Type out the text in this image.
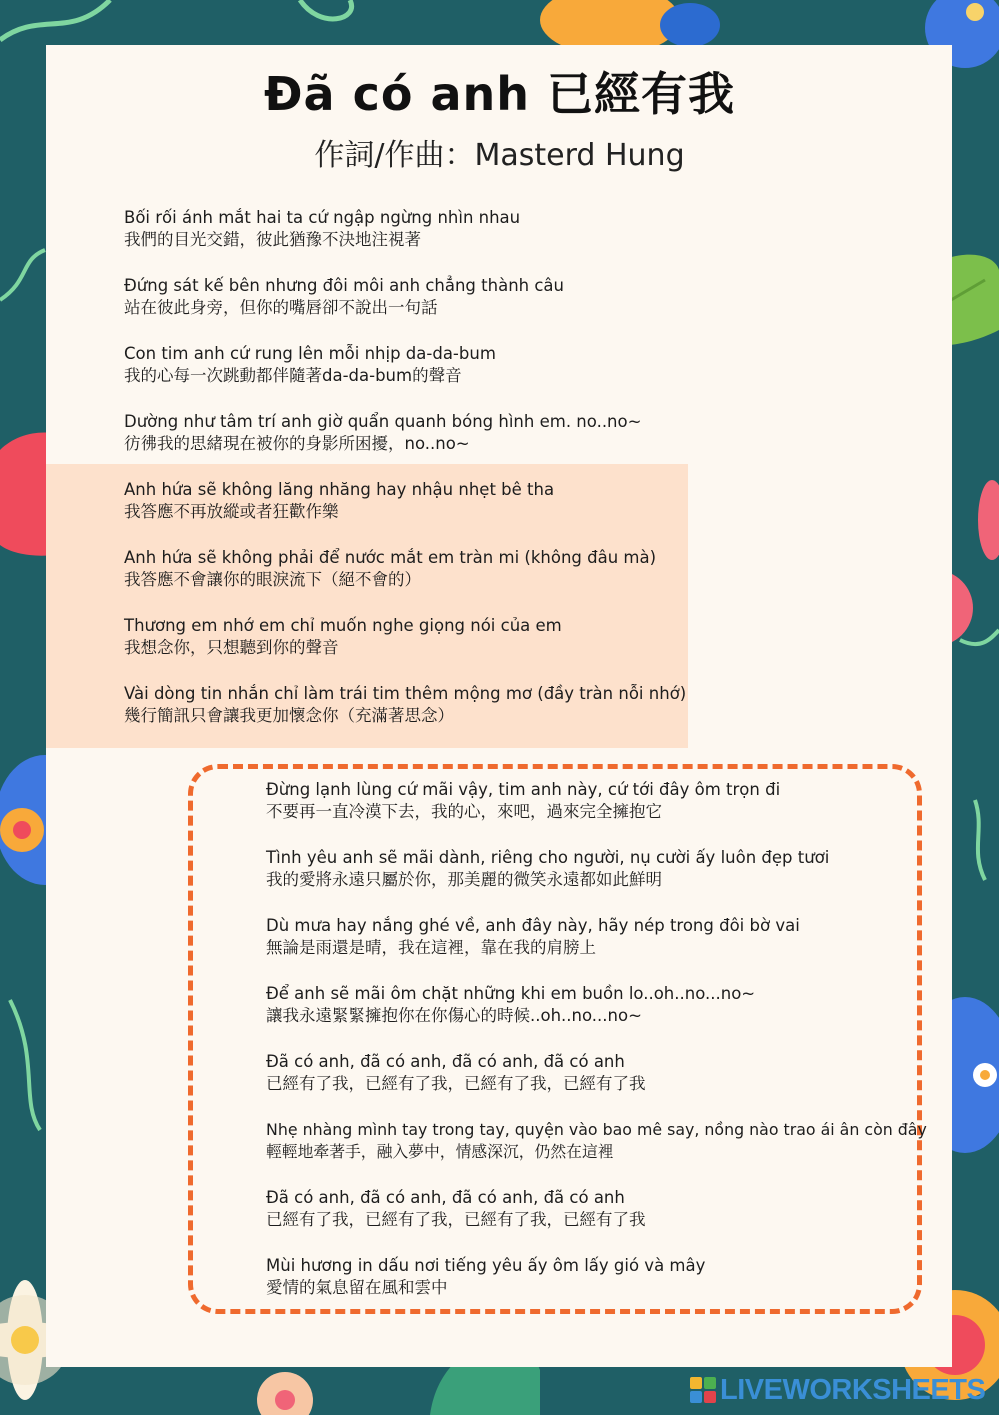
Đã có anh 已經有我
作詞/作曲：Masterd Hung
Bối rối ánh mắt hai ta cứ ngập ngừng nhìn nhau
我們的目光交錯，彼此猶豫不決地注視著
Đứng sát kế bên nhưng đôi môi anh chẳng thành câu
站在彼此身旁，但你的嘴唇卻不說出一句話
Con tim anh cứ rung lên mỗi nhịp da-da-bum
我的心每一次跳動都伴隨著da-da-bum的聲音
Dường như tâm trí anh giờ quẩn quanh bóng hình em. no..no~
彷彿我的思緒現在被你的身影所困擾，no..no~
Anh hứa sẽ không lăng nhăng hay nhậu nhẹt bê tha
我答應不再放縱或者狂歡作樂
Anh hứa sẽ không phải để nước mắt em tràn mi (không đâu mà)
我答應不會讓你的眼淚流下（絕不會的）
Thương em nhớ em chỉ muốn nghe giọng nói của em
我想念你，只想聽到你的聲音
Vài dòng tin nhắn chỉ làm trái tim thêm mộng mơ (đầy tràn nỗi nhớ)
幾行簡訊只會讓我更加懷念你（充滿著思念）
Đừng lạnh lùng cứ mãi vậy, tim anh này, cứ tới đây ôm trọn đi
不要再一直冷漠下去，我的心，來吧，過來完全擁抱它
Tình yêu anh sẽ mãi dành, riêng cho người, nụ cười ấy luôn đẹp tươi
我的愛將永遠只屬於你，那美麗的微笑永遠都如此鮮明
Dù mưa hay nắng ghé về, anh đây này, hãy nép trong đôi bờ vai
無論是雨還是晴，我在這裡，靠在我的肩膀上
Để anh sẽ mãi ôm chặt những khi em buồn lo..oh..no...no~
讓我永遠緊緊擁抱你在你傷心的時候..oh..no...no~
Đã có anh, đã có anh, đã có anh, đã có anh
已經有了我，已經有了我，已經有了我，已經有了我
Nhẹ nhàng mình tay trong tay, quyện vào bao mê say, nồng nào trao ái ân còn đây
輕輕地牽著手，融入夢中，情感深沉，仍然在這裡
Đã có anh, đã có anh, đã có anh, đã có anh
已經有了我，已經有了我，已經有了我，已經有了我
Mùi hương in dấu nơi tiếng yêu ấy ôm lấy gió và mây
愛情的氣息留在風和雲中
LIVEWORKSHEETS
